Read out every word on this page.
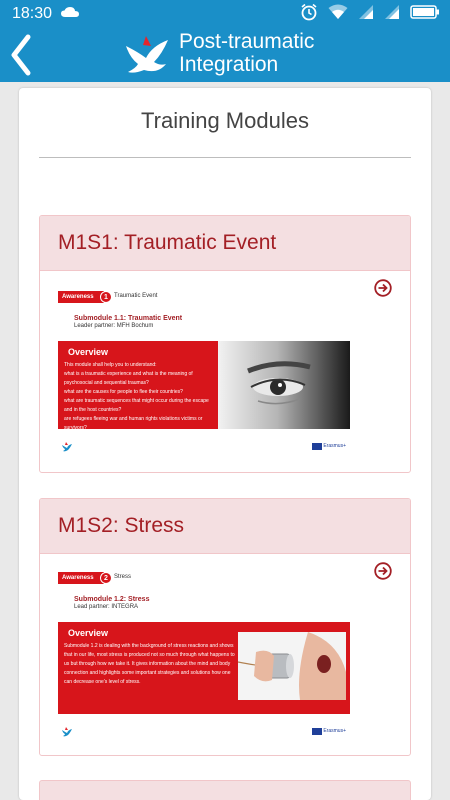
18:30
Post-traumatic
Integration
Training Modules
M1S1: Traumatic Event
Awareness	1	Traumatic Event
Submodule 1.1: Traumatic Event
Leader partner: MFH Bochum
Overview
This module shall help you to understand:
what is a traumatic experience and what is the meaning of psychosocial and sequential traumas?
what are the causes for people to flee their countries?
what are traumatic sequences that might occur during the escape and in the host countries?
are refugees fleeing war and human rights violations victims or survivors?
Erasmus+
M1S2: Stress
Awareness	2	Stress
Submodule 1.2: Stress
Lead partner: INTEGRA
Overview
Submodule 1.2 is dealing with the background of stress reactions and shows that in our life, most stress is produced not so much through what happens to us but through how we take it. It gives information about the mind and body connection and highlights some important strategies and solutions how one can decrease one's level of stress.
Erasmus+
